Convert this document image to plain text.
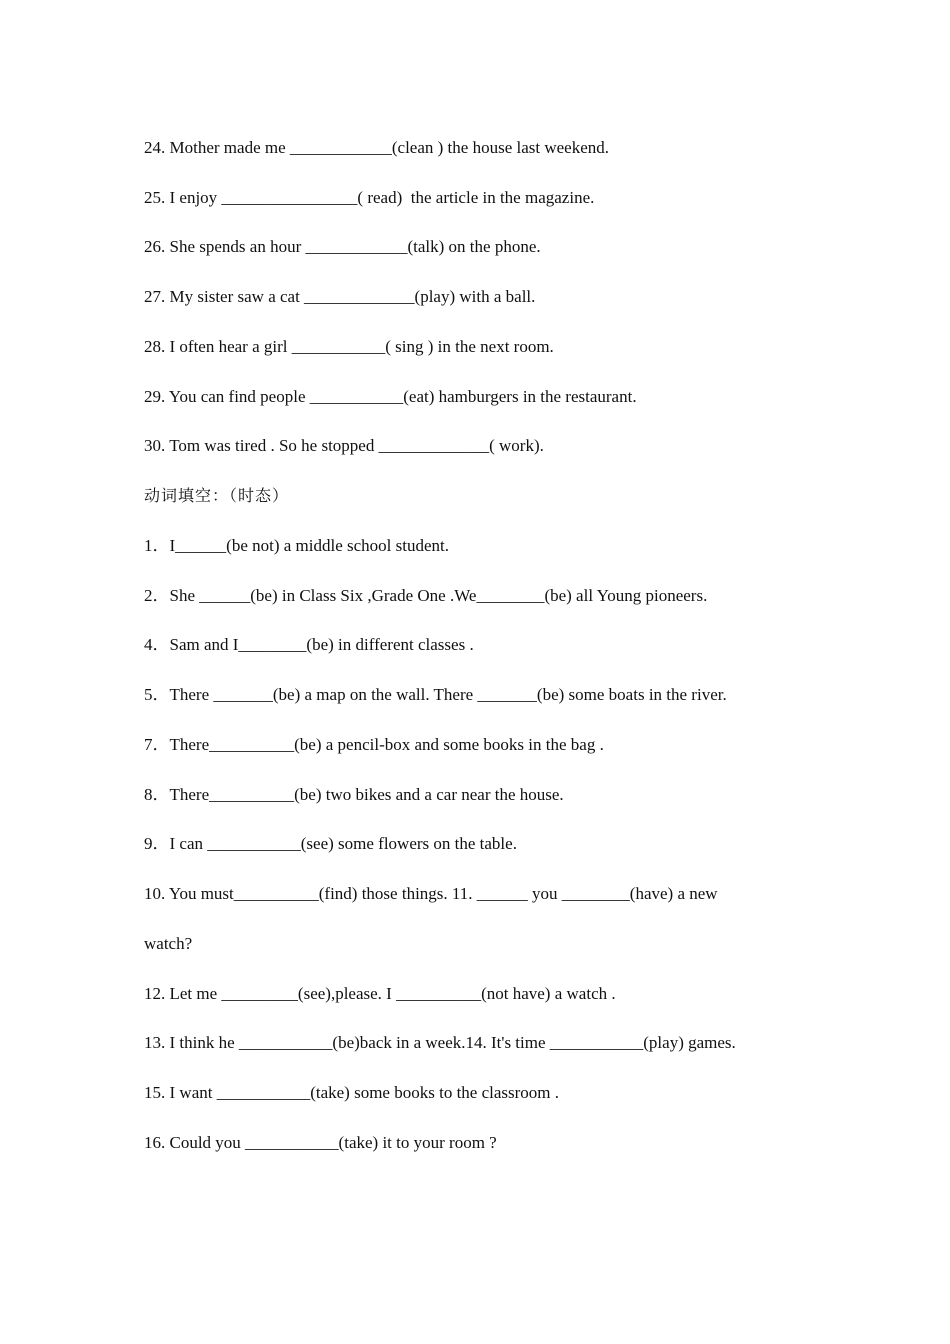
24. Mother made me ____________(clean ) the house last weekend.
25. I enjoy ________________( read)  the article in the magazine.
26. She spends an hour ____________(talk) on the phone.
27. My sister saw a cat _____________(play) with a ball.
28. I often hear a girl ___________( sing ) in the next room.
29. You can find people ___________(eat) hamburgers in the restaurant.
30. Tom was tired . So he stopped _____________( work).
动词填空：（时态）
1．I______(be not) a middle school student.
2．She ______(be) in Class Six ,Grade One .We________(be) all Young pioneers.
4．Sam and I________(be) in different classes .
5．There _______(be) a map on the wall. There _______(be) some boats in the river.
7．There__________(be) a pencil-box and some books in the bag .
8．There__________(be) two bikes and a car near the house.
9．I can ___________(see) some flowers on the table.
10. You must__________(find) those things. 11. ______ you ________(have) a new
watch?
12. Let me _________(see),please. I __________(not have) a watch .
13. I think he ___________(be)back in a week.14. It's time ___________(play) games.
15. I want ___________(take) some books to the classroom .
16. Could you ___________(take) it to your room ?
